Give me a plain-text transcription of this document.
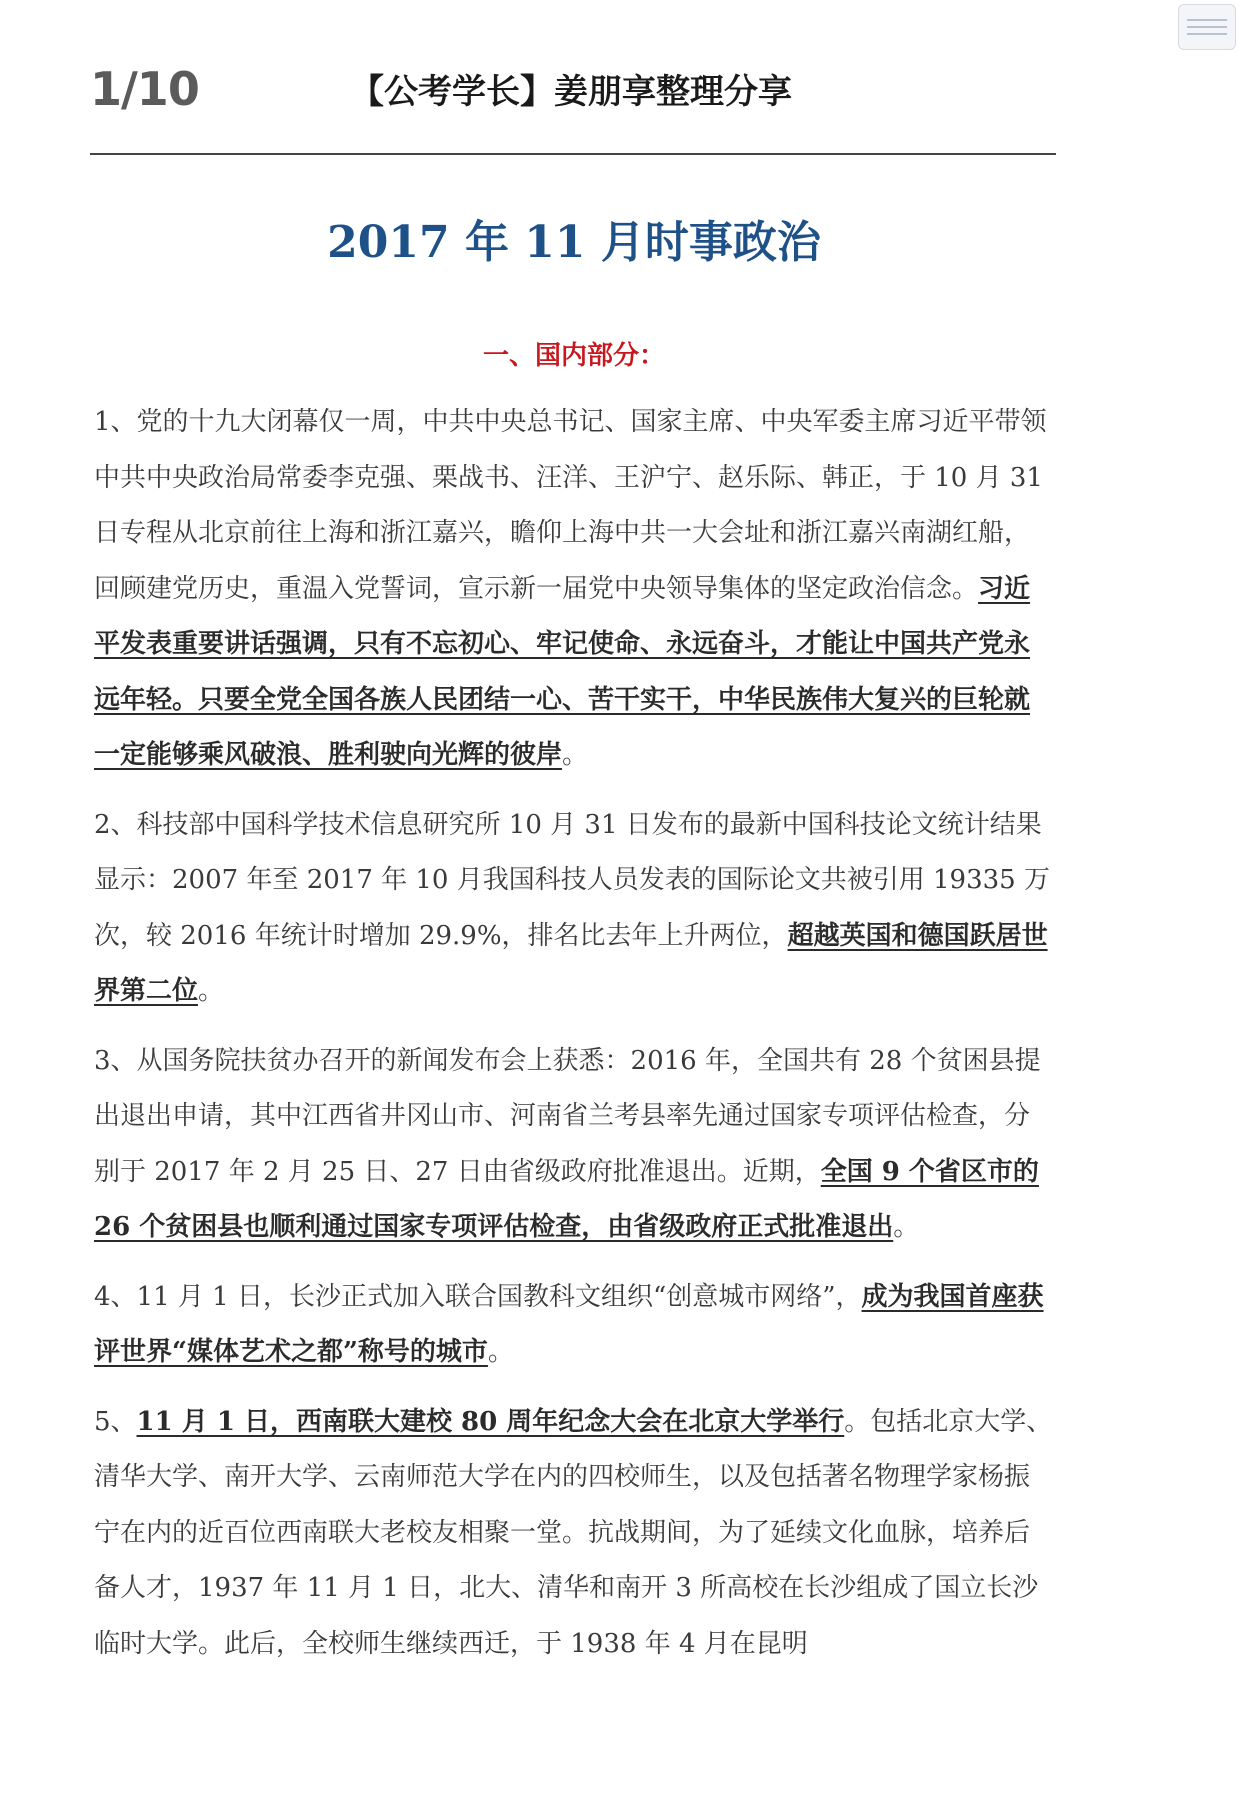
1/10	【公考学长】姜朋享整理分享
2017 年 11 月时事政治
一、国内部分：

1、党的十九大闭幕仅一周，中共中央总书记、国家主席、中央军委主席习近平带领中共中央政治局常委李克强、栗战书、汪洋、王沪宁、赵乐际、韩正，于 10 月 31 日专程从北京前往上海和浙江嘉兴，瞻仰上海中共一大会址和浙江嘉兴南湖红船，回顾建党历史，重温入党誓词，宣示新一届党中央领导集体的坚定政治信念。习近平发表重要讲话强调，只有不忘初心、牢记使命、永远奋斗，才能让中国共产党永远年轻。只要全党全国各族人民团结一心、苦干实干，中华民族伟大复兴的巨轮就一定能够乘风破浪、胜利驶向光辉的彼岸。

2、科技部中国科学技术信息研究所 10 月 31 日发布的最新中国科技论文统计结果显示：2007 年至 2017 年 10 月我国科技人员发表的国际论文共被引用 19335 万次，较 2016 年统计时增加 29.9%，排名比去年上升两位，超越英国和德国跃居世界第二位。

3、从国务院扶贫办召开的新闻发布会上获悉：2016 年，全国共有 28 个贫困县提出退出申请，其中江西省井冈山市、河南省兰考县率先通过国家专项评估检查，分别于 2017 年 2 月 25 日、27 日由省级政府批准退出。近期，全国 9 个省区市的 26 个贫困县也顺利通过国家专项评估检查，由省级政府正式批准退出。

4、11 月 1 日，长沙正式加入联合国教科文组织“创意城市网络”，成为我国首座获评世界“媒体艺术之都”称号的城市。

5、11 月 1 日，西南联大建校 80 周年纪念大会在北京大学举行。包括北京大学、清华大学、南开大学、云南师范大学在内的四校师生，以及包括著名物理学家杨振宁在内的近百位西南联大老校友相聚一堂。抗战期间，为了延续文化血脉，培养后备人才，1937 年 11 月 1 日，北大、清华和南开 3 所高校在长沙组成了国立长沙临时大学。此后，全校师生继续西迁，于 1938 年 4 月在昆明
